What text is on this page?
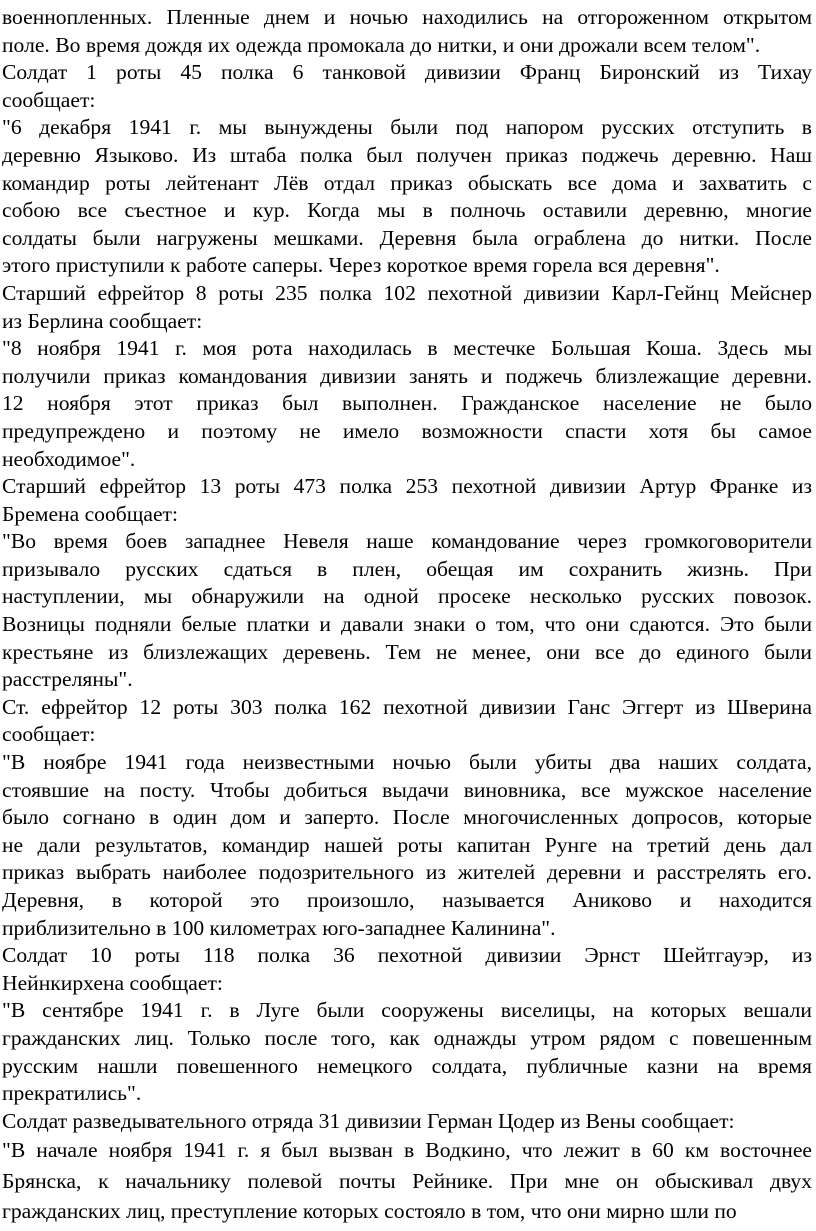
военнопленных. Пленные днем и ночью находились на отгороженном открытом
поле. Во время дождя их одежда промокала до нитки, и они дрожали всем телом".
Солдат 1 роты 45 полка 6 танковой дивизии Франц Биронский из Тихау
сообщает:
"6 декабря 1941 г. мы вынуждены были под напором русских отступить в
деревню Языково. Из штаба полка был получен приказ поджечь деревню. Наш
командир роты лейтенант Лёв отдал приказ обыскать все дома и захватить с
собою все съестное и кур. Когда мы в полночь оставили деревню, многие
солдаты были нагружены мешками. Деревня была ограблена до нитки. После
этого приступили к работе саперы. Через короткое время горела вся деревня".
Старший ефрейтор 8 роты 235 полка 102 пехотной дивизии Карл-Гейнц Мейснер
из Берлина сообщает:
"8 ноября 1941 г. моя рота находилась в местечке Большая Коша. Здесь мы
получили приказ командования дивизии занять и поджечь близлежащие деревни.
12 ноября этот приказ был выполнен. Гражданское население не было
предупреждено и поэтому не имело возможности спасти хотя бы самое
необходимое".
Старший ефрейтор 13 роты 473 полка 253 пехотной дивизии Артур Франке из
Бремена сообщает:
"Во время боев западнее Невеля наше командование через громкоговорители
призывало русских сдаться в плен, обещая им сохранить жизнь. При
наступлении, мы обнаружили на одной просеке несколько русских повозок.
Возницы подняли белые платки и давали знаки о том, что они сдаются. Это были
крестьяне из близлежащих деревень. Тем не менее, они все до единого были
расстреляны".
Ст. ефрейтор 12 роты 303 полка 162 пехотной дивизии Ганс Эггерт из Шверина
сообщает:
"В ноябре 1941 года неизвестными ночью были убиты два наших солдата,
стоявшие на посту. Чтобы добиться выдачи виновника, все мужское население
было согнано в один дом и заперто. После многочисленных допросов, которые
не дали результатов, командир нашей роты капитан Рунге на третий день дал
приказ выбрать наиболее подозрительного из жителей деревни и расстрелять его.
Деревня, в которой это произошло, называется Аниково и находится
приблизительно в 100 километрах юго-западнее Калинина".
Солдат 10 роты 118 полка 36 пехотной дивизии Эрнст Шейтгауэр, из
Нейнкирхена сообщает:
"В сентябре 1941 г. в Луге были сооружены виселицы, на которых вешали
гражданских лиц. Только после того, как однажды утром рядом с повешенным
русским нашли повешенного немецкого солдата, публичные казни на время
прекратились".
Солдат разведывательного отряда 31 дивизии Герман Цодер из Вены сообщает:
"В начале ноября 1941 г. я был вызван в Водкино, что лежит в 60 км восточнее
Брянска, к начальнику полевой почты Рейнике. При мне он обыскивал двух
гражданских лиц, преступление которых состояло в том, что они мирно шли по
